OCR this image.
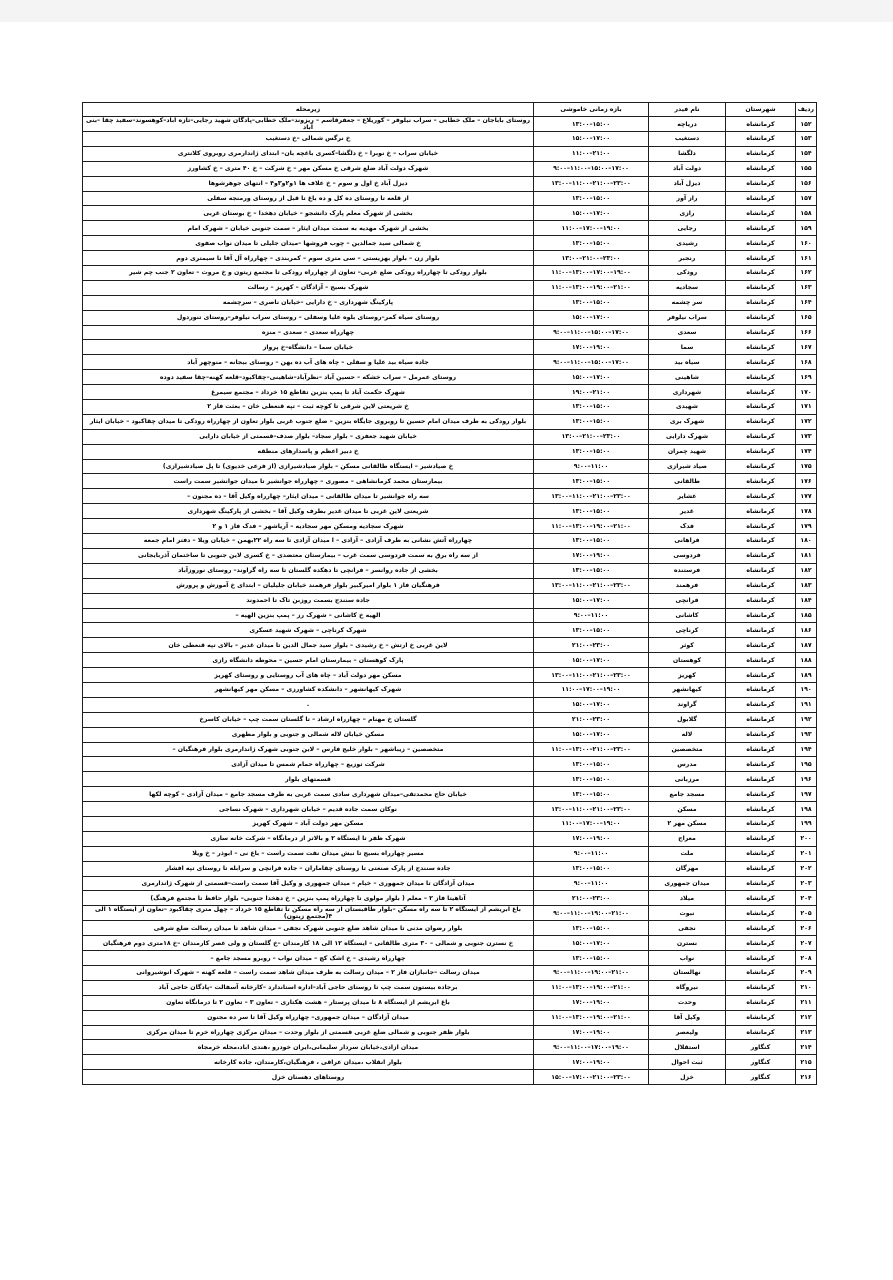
ردیف	شهرستان	نام فیدر	بازه زمانی خاموشی	زیرمحله
۱۵۲	کرمانشاه	دریاچه	۱۳:۰۰–۱۵:۰۰	روستای باباجان – ملک خطابی – سراب نیلوفر – کوریلاغ – جعفرقاسم – ریزوند–ملک خطابی–پادگان شهید رجایی–تازه آباد–کوهسوند–سفید چقا –بنی آباد
۱۵۳	کرمانشاه	دستغیب	۱۵:۰۰–۱۷:۰۰	خ نرگس شمالی –خ دستغیب
۱۵۴	کرمانشاه	دلگشا	۱۱:۰۰–۲۱:۰۰	خیابان سراب – خ نوبرا – خ دلگشا–کسری باغچه بان– ابتدای ژاندارمری روبروی کلانتری
۱۵۵	کرمانشاه	دولت آباد	۹:۰۰–۱۱:۰۰–۱۵:۰۰–۱۷:۰۰	شهرک دولت آباد ضلع شرقی خ مسکن مهر – خ شرکت – خ ۴۰ متری – خ کشاورز
۱۵۶	کرمانشاه	دیزل آباد	۱۳:۰۰–۱۱:۰۰–۲۱:۰۰–۲۳:۰۰	دیزل آباد خ اول و سوم – خ علاف ها ۱و۲و۳و۴ – انتهای جوهرشوها
۱۵۷	کرمانشاه	راز آور	۱۳:۰۰–۱۵:۰۰	از قلعه تا روستای ده کل و ده باغ تا قبل از روستای ورمنجه سفلی
۱۵۸	کرمانشاه	رازی	۱۵:۰۰–۱۷:۰۰	بخشی از شهرک معلم پارک دانشجو – خیابان دهخدا – خ بوستان غربی
۱۵۹	کرمانشاه	رجایی	۱۱:۰۰–۱۷:۰۰–۱۹:۰۰	بخشی از شهرک مهدیه به سمت میدان ایثار – سمت جنوبی خیابان – شهرک امام
۱۶۰	کرمانشاه	رشیدی	۱۳:۰۰–۱۵:۰۰	خ شمالی سید جمالدین – چوب فروشها –میدان جلیلی تا میدان نواب صفوی
۱۶۱	کرمانشاه	رنجبر	۱۳:۰۰–۲۱:۰۰–۲۳:۰۰	بلوار زن – بلوار بهزیستی – سی متری سوم – کمربندی – چهارراه آل آقا تا سیمتری دوم
۱۶۲	کرمانشاه	رودکی	۱۱:۰۰–۱۳:۰۰–۱۷:۰۰–۱۹:۰۰	بلوار رودکی تا چهارراه رودکی ضلع غربی– تعاون از چهارراه رودکی تا مجتمع زیتون و خ مروت – تعاون ۲ جنب چم شیر
۱۶۳	کرمانشاه	سجادیه	۱۱:۰۰–۱۳:۰۰–۱۹:۰۰–۲۱:۰۰	شهرک بسیج – آزادگان – کهریز – رسالت
۱۶۴	کرمانشاه	سر چشمه	۱۳:۰۰–۱۵:۰۰	پارکینگ شهرداری – خ دارایی –خیابان ناصری – سرچشمه
۱۶۵	کرمانشاه	سراب نیلوفر	۱۵:۰۰–۱۷:۰۰	روستای سیاه کمر–روستای بلوه علیا وسفلی – روستای سراب نیلوفر–روستای تنوردول
۱۶۶	کرمانشاه	سعدی	۹:۰۰–۱۱:۰۰–۱۵:۰۰–۱۷:۰۰	چهارراه سعدی – سعدی – منزه
۱۶۷	کرمانشاه	سما	۱۷:۰۰–۱۹:۰۰	خیابان سما – دانشگاه–خ پرواز
۱۶۸	کرمانشاه	سیاه بید	۹:۰۰–۱۱:۰۰–۱۵:۰۰–۱۷:۰۰	جاده سیاه بید علیا و سفلی – چاه های آب ده بهن – روستای بیجانه – منوچهر آباد
۱۶۹	کرمانشاه	شاهینی	۱۵:۰۰–۱۷:۰۰	روستای عمرمل – سراب خشکه – حسین آباد –نظرآباد–شاهینی–چقاکبود–قلعه کهنه–چقا سفید دوده
۱۷۰	کرمانشاه	شهرداری	۱۹:۰۰–۲۱:۰۰	شهرک حکمت آباد تا پمپ بنزین تقاطع ۱۵ خرداد – مجتمع سیمرغ
۱۷۱	کرمانشاه	شهیدی	۱۳:۰۰–۱۵:۰۰	خ شریعتی لاین شرقی تا کوچه ثبت – تپه قنعطی خان – بعثت فاز ۲
۱۷۲	کرمانشاه	شهرک بری	۱۳:۰۰–۱۵:۰۰	بلوار رودکی به طرف میدان امام حسین تا روبروی جایگاه بنزین – ضلع جنوب غربی بلوار تعاون از چهارراه رودکی تا میدان چقاکبود – خیابان ایثار
۱۷۳	کرمانشاه	شهرک دارایی	۱۳:۰۰–۲۱:۰۰–۲۳:۰۰	خیابان شهید جعفری – بلوار سجاد– بلوار صدف–قسمتی از خیابان دارایی
۱۷۴	کرمانشاه	شهید چمران	۱۳:۰۰–۱۵:۰۰	خ دبیر اعظم و پاسدارهای منطقه
۱۷۵	کرمانشاه	صیاد شیرازی	۹:۰۰–۱۱:۰۰	خ صیادشیر – ایستگاه طالقانی مسکن – بلوار صیادشیرازی (از فرعی خدیوی) تا پل صیادشیرازی)
۱۷۶	کرمانشاه	طالقانی	۱۳:۰۰–۱۵:۰۰	بیمارستان محمد کرمانشاهی – مصوری – چهارراه جوانشیر تا میدان جوانشیر سمت راست
۱۷۷	کرمانشاه	عشایر	۱۳:۰۰–۱۱:۰۰–۲۱:۰۰–۲۳:۰۰	سه راه جوانشیر تا میدان طالقانی – میدان ایثار– چهارراه وکیل آقا – ده مجنون –
۱۷۸	کرمانشاه	غدیر	۱۳:۰۰–۱۵:۰۰	شریعتی لاین غربی تا میدان غدیر بطرف وکیل آقا – بخشی از پارکینگ شهرداری
۱۷۹	کرمانشاه	فدک	۱۱:۰۰–۱۳:۰۰–۱۹:۰۰–۲۱:۰۰	شهرک سجادیه ومسکن مهر سجادیه – آریاشهر – فدک فاز ۱ و ۲
۱۸۰	کرمانشاه	فراهانی	۱۳:۰۰–۱۵:۰۰	چهارراه آتش نشانی به طرف آزادی – آزادی – ا میدان آزادی تا سه راه ۲۲بهمن – خیابان ویلا – دفتر امام جمعه
۱۸۱	کرمانشاه	فردوسی	۱۷:۰۰–۱۹:۰۰	از سه راه برق به سمت فردوسی سمت غرب – بیمارستان معتضدی – خ کسری لاین جنوبی تا ساختمان آذربایجانی
۱۸۲	کرمانشاه	فرستنده	۱۳:۰۰–۱۵:۰۰	بخشی از جاده روانسر – فرانچی تا دهکده گلستان تا سه راه گراوند– روستای نوروزآباد
۱۸۳	کرمانشاه	فرهمند	۱۳:۰۰–۱۱:۰۰–۲۱:۰۰–۲۳:۰۰	فرهنگیان فاز ۱ بلوار امیرکبیر بلوار فرهمند خیابان جلیلیان – ابتدای خ آموزش و پرورش
۱۸۴	کرمانشاه	فرانچی	۱۵:۰۰–۱۷:۰۰	جاده سنندج بسمت روزبن تاک تا احمدوند
۱۸۵	کرمانشاه	کاشانی	۹:۰۰–۱۱:۰۰	الهیه خ کاشانی – شهرک رز – پمپ بنزین الهیه –
۱۸۶	کرمانشاه	کرناچی	۱۳:۰۰–۱۵:۰۰	شهرک کرناچی – شهرک شهید عسکری
۱۸۷	کرمانشاه	کوثر	۲۱:۰۰–۲۳:۰۰	لاین غربی خ ارتش – خ رشیدی – بلوار سید جمال الدین تا میدان غدیر – بالای تپه قنعطی خان
۱۸۸	کرمانشاه	کوهستان	۱۵:۰۰–۱۷:۰۰	پارک کوهستان – بیمارستان امام حسین – محوطه دانشگاه رازی
۱۸۹	کرمانشاه	کهریز	۱۳:۰۰–۱۱:۰۰–۲۱:۰۰–۲۳:۰۰	مسکن مهر دولت آباد – چاه های آب روستایی و روستای کهریز
۱۹۰	کرمانشاه	کیهانشهر	۱۱:۰۰–۱۷:۰۰–۱۹:۰۰	شهرک کیهانشهر – دانشکده کشاورزی – مسکن مهر کیهانشهر
۱۹۱	کرمانشاه	گراوند	۱۵:۰۰–۱۷:۰۰	.
۱۹۲	کرمانشاه	گلابول	۲۱:۰۰–۲۳:۰۰	گلستان خ مهنام – چهارراه ارشاد – تا گلستان سمت چپ – خیابان کاسرخ
۱۹۳	کرمانشاه	لاله	۱۵:۰۰–۱۷:۰۰	مسکن خیابان لاله شمالی و جنوبی و بلوار مطهری
۱۹۴	کرمانشاه	متخصصین	۱۱:۰۰–۱۳:۰۰–۲۱:۰۰–۲۳:۰۰	متخصصین – زیباشهر – بلوار خلیج فارس – لاین جنوبی شهرک ژاندارمری بلوار فرهنگیان –
۱۹۵	کرمانشاه	مدرس	۱۳:۰۰–۱۵:۰۰	شرکت توزیع – چهارراه حمام شمس تا میدان آزادی
۱۹۶	کرمانشاه	مرزبانی	۱۳:۰۰–۱۵:۰۰	قسمتهای بلوار
۱۹۷	کرمانشاه	مسجد جامع	۱۳:۰۰–۱۵:۰۰	خیابان حاج محمدتقی–میدان شهرداری سادی سمت غربی به طرف مسجد جامع – میدان آزادی – کوچه لکها
۱۹۸	کرمانشاه	مسکن	۱۳:۰۰–۱۱:۰۰–۲۱:۰۰–۲۳:۰۰	نوکان سمت جاده قدیم – خیابان شهرداری – شهرک نساجی
۱۹۹	کرمانشاه	مسکن مهر ۲	۱۱:۰۰–۱۷:۰۰–۱۹:۰۰	مسکن مهر دولت آباد – شهرک کهریز
۲۰۰	کرمانشاه	معراج	۱۷:۰۰–۱۹:۰۰	شهرک ظفر تا ایستگاه ۲ و بالاتر از درمانگاه – شرکت خانه سازی
۲۰۱	کرمانشاه	ملت	۹:۰۰–۱۱:۰۰	مسیر چهارراه بسیج تا نبش میدان نفت سمت راست – باغ نی – ابوذر – خ ویلا
۲۰۲	کرمانشاه	مهرگان	۱۳:۰۰–۱۵:۰۰	جاده سنندج از پارک صنعتی تا روستای چقاماران – جاده فرانچی و سرابله تا روستای تپه افشار
۲۰۳	کرمانشاه	میدان جمهوری	۹:۰۰–۱۱:۰۰	میدان آزادگان تا میدان جمهوری – خیام – میدان جمهوری و وکیل آقا سمت راست–قسمتی از شهرک ژاندارمری
۲۰۴	کرمانشاه	میلاد	۲۱:۰۰–۲۳:۰۰	آتاهیتا فاز ۲ – معلم ( بلوار مولوی تا چهارراه پمپ بنزین – خ دهخدا جنوبی– بلوار حافظ تا مجتمع فرهنگ)
۲۰۵	کرمانشاه	نبوت	۹:۰۰–۱۱:۰۰–۱۹:۰۰–۲۱:۰۰	باغ ابریشم از ایستگاه ۲ تا سه راه مسکن –بلوار طاقبستان از سه راه مسکن تا تقاطع ۱۵ خرداد – چهل متری چقاکبود –تعاون از ایستگاه ۱ الی ۴(مجتمع زیتون)
۲۰۶	کرمانشاه	نجفی	۱۳:۰۰–۱۵:۰۰	بلوار رضوان مدنی تا میدان شاهد ضلع جنوبی شهرک نجفی – میدان شاهد تا میدان رسالت ضلع شرقی
۲۰۷	کرمانشاه	نسترن	۱۵:۰۰–۱۷:۰۰	خ نسترن جنوبی و شمالی – ۳۰ متری طالقانی – ایستگاه ۱۲ الی ۱۸ کارمندان –خ گلستان و ولی عصر کارمندان –خ ۱۸متری دوم فرهنگیان
۲۰۸	کرمانشاه	نواب	۱۳:۰۰–۱۵:۰۰	چهارراه رشیدی – خ اشک کچ – میدان نواب – روبرو مسجد جامع –
۲۰۹	کرمانشاه	نهالستان	۹:۰۰–۱۱:۰۰–۱۹:۰۰–۲۱:۰۰	میدان رسالت –جانبازان فاز ۲ – میدان رسالت به طرف میدان شاهد سمت راست – قلعه کهنه – شهرک انوشیروانی
۲۱۰	کرمانشاه	نیروگاه	۱۱:۰۰–۱۳:۰۰–۱۹:۰۰–۲۱:۰۰	برجاده بیستون سمت چپ تا روستای حاجی آباد–اداره استاندارد –کارخانه آسفالت –پادگان حاجی آباد
۲۱۱	کرمانشاه	وحدت	۱۷:۰۰–۱۹:۰۰	باغ ابریشم از ایستگاه ۸ تا میدان پرستار – هشت هکتاری – تعاون ۳ – تعاون ۲ تا درمانگاه تعاون
۲۱۲	کرمانشاه	وکیل آقا	۱۱:۰۰–۱۳:۰۰–۱۹:۰۰–۲۱:۰۰	میدان آزادگان – میدان جمهوری– چهارراه وکیل آقا تا سر ده مجنون
۲۱۳	کرمانشاه	ولیعصر	۱۷:۰۰–۱۹:۰۰	بلوار ظفر جنوبی و شمالی ضلع غربی قسمتی از بلوار وحدت – میدان مرکزی چهارراه خرم تا میدان مرکزی
۲۱۴	کنگاور	استقلال	۹:۰۰–۱۱:۰۰–۱۷:۰۰–۱۹:۰۰	میدان ازادی،خیابان سردار سلیمانی،ایران خودرو ،هندی اباد،محله خرمجاه
۲۱۵	کنگاور	ثبت احوال	۱۷:۰۰–۱۹:۰۰	بلوار انقلاب ،میدان عراقی ، فرهنگیان،کارمندان، جاده کارخانه
۲۱۶	کنگاور	خزل	۱۵:۰۰–۱۷:۰۰–۲۱:۰۰–۲۳:۰۰	روستاهای دهستان خزل
